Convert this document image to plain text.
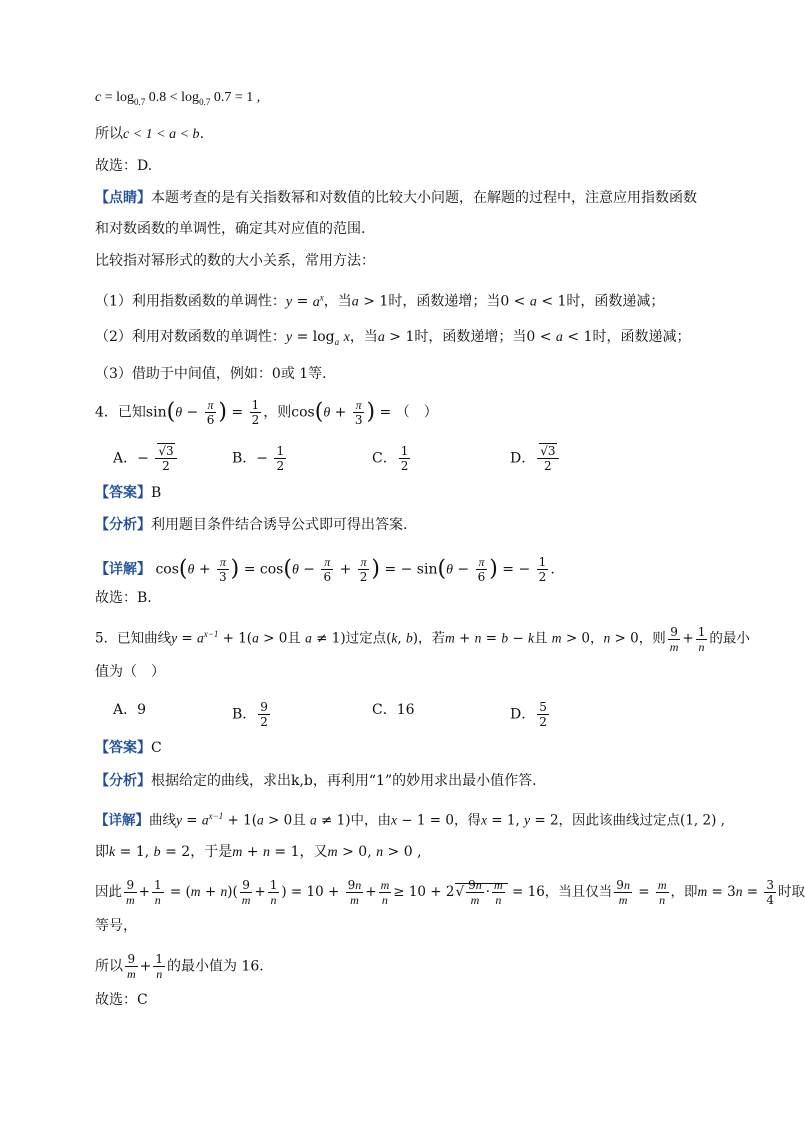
$c = \log_{0.7} 0.8 < \log_{0.7} 0.7 = 1$ ,
所以c < 1 < a < b.
故选：D.
【点睛】本题考查的是有关指数幂和对数值的比较大小问题，在解题的过程中，注意应用指数函数
和对数函数的单调性，确定其对应值的范围.
比较指对幂形式的数的大小关系，常用方法：
（1）利用指数函数的单调性：$y = a^x$，当a > 1时，函数递增；当0 < a < 1时，函数递减；
（2）利用对数函数的单调性：$y = \log_a x$，当a > 1时，函数递增；当0 < a < 1时，函数递减；
（3）借助于中间值，例如：0或 1等.
4．已知$\sin(\theta - \frac{\pi}{6}$ ) = $\frac{1}{2}$ ，则$\cos(\theta + \frac{\pi}{3}$ ) = （　）
A．− $\frac{√3}{2}$	B．− $\frac{1}{2}$	C． $\frac{1}{2}$	D． $\frac{√3}{2}$
【答案】B
【分析】利用题目条件结合诱导公式即可得出答案.
【详解】 $\cos(\theta + \frac{\pi}{3}$ ) = $\cos(\theta - \frac{\pi}{6} + \frac{\pi}{2}$ ) = − $\sin(\theta - \frac{\pi}{6}$ ) = − $\frac{1}{2}$ .
故选：B.
5．已知曲线$y = a^{x-1} + 1(a > 0$且 a ≠ 1)过定点(k, b)，若m + n = b − k且 m > 0，n > 0，则 $\frac{9}{m} + \frac{1}{n}$ 的最小
值为（　）
A．9	B． $\frac{9}{2}$	C．16	D． $\frac{5}{2}$
【答案】C
【分析】根据给定的曲线，求出k,b，再利用“1”的妙用求出最小值作答.
【详解】曲线$y = a^{x-1} + 1(a > 0$且 a ≠ 1)中，由x − 1 = 0，得x = 1, y = 2，因此该曲线过定点(1, 2) ,
即k = 1, b = 2，于是m + n = 1，又m > 0, n > 0 ,
因此 $\frac{9}{m} + \frac{1}{n} = (m + n)( \frac{9}{m} + \frac{1}{n}$ ) = $10 + \frac{9n}{m} + \frac{m}{n} \ge 10 + 2√ \frac{9n}{m} \cdot \frac{m}{n} = 16$，当且仅当 $\frac{9n}{m} = \frac{m}{n}$ ，即$m = 3n = \frac{3}{4}$ 时取
等号，
所以 $\frac{9}{m} + \frac{1}{n}$ 的最小值为 16.
故选：C
